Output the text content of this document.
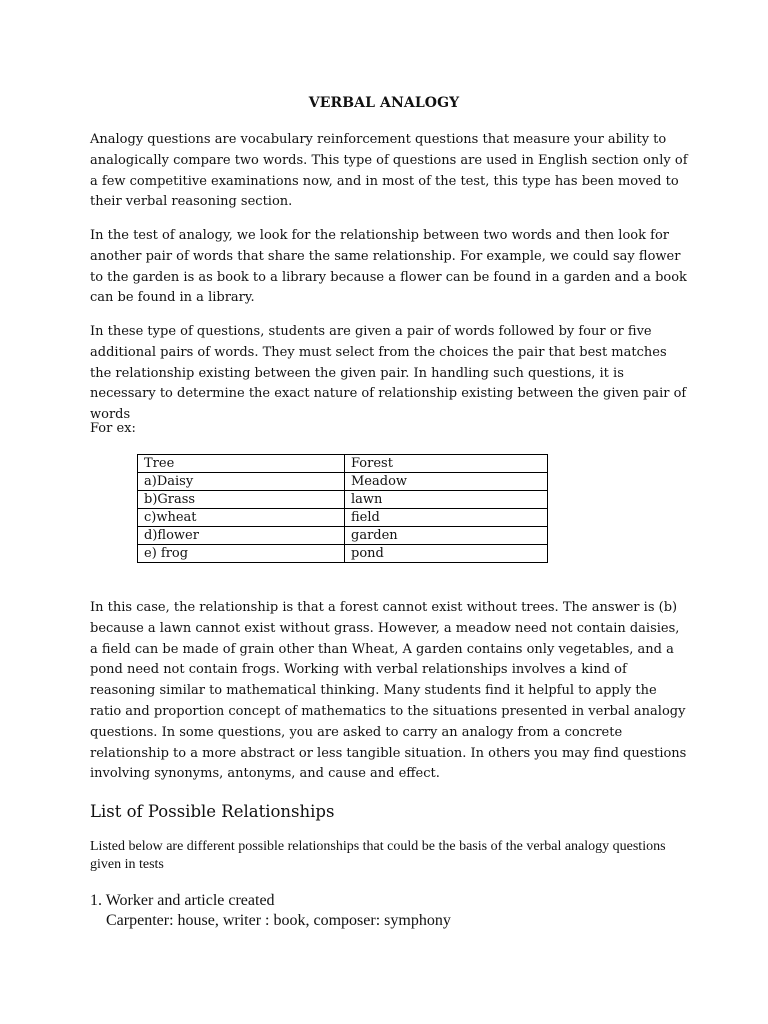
VERBAL ANALOGY

Analogy questions are vocabulary reinforcement questions that measure your ability to analogically compare two words. This type of questions are used in English section only of a few competitive examinations now, and in most of the test, this type has been moved to their verbal reasoning section.

In the test of analogy, we look for the relationship between two words and then look for another pair of words that share the same relationship. For example, we could say flower to the garden is as book to a library because a flower can be found in a garden and a book can be found in a library.

In these type of questions, students are given a pair of words followed by four or five additional pairs of words. They must select from the choices the pair that best matches the relationship existing between the given pair. In handling such questions, it is necessary to determine the exact nature of relationship existing between the given pair of words

For ex:

Tree	Forest
a)Daisy	Meadow
b)Grass	lawn
c)wheat	field
d)flower	garden
e) frog	pond

In this case, the relationship is that a forest cannot exist without trees. The answer is (b) because a lawn cannot exist without grass. However, a meadow need not contain daisies, a field can be made of grain other than Wheat, A garden contains only vegetables, and a pond need not contain frogs. Working with verbal relationships involves a kind of reasoning similar to mathematical thinking. Many students find it helpful to apply the ratio and proportion concept of mathematics to the situations presented in verbal analogy questions. In some questions, you are asked to carry an analogy from a concrete relationship to a more abstract or less tangible situation. In others you may find questions involving synonyms, antonyms, and cause and effect.

List of Possible Relationships

Listed below are different possible relationships that could be the basis of the verbal analogy questions given in tests

1. Worker and article created

Carpenter: house, writer : book, composer: symphony
